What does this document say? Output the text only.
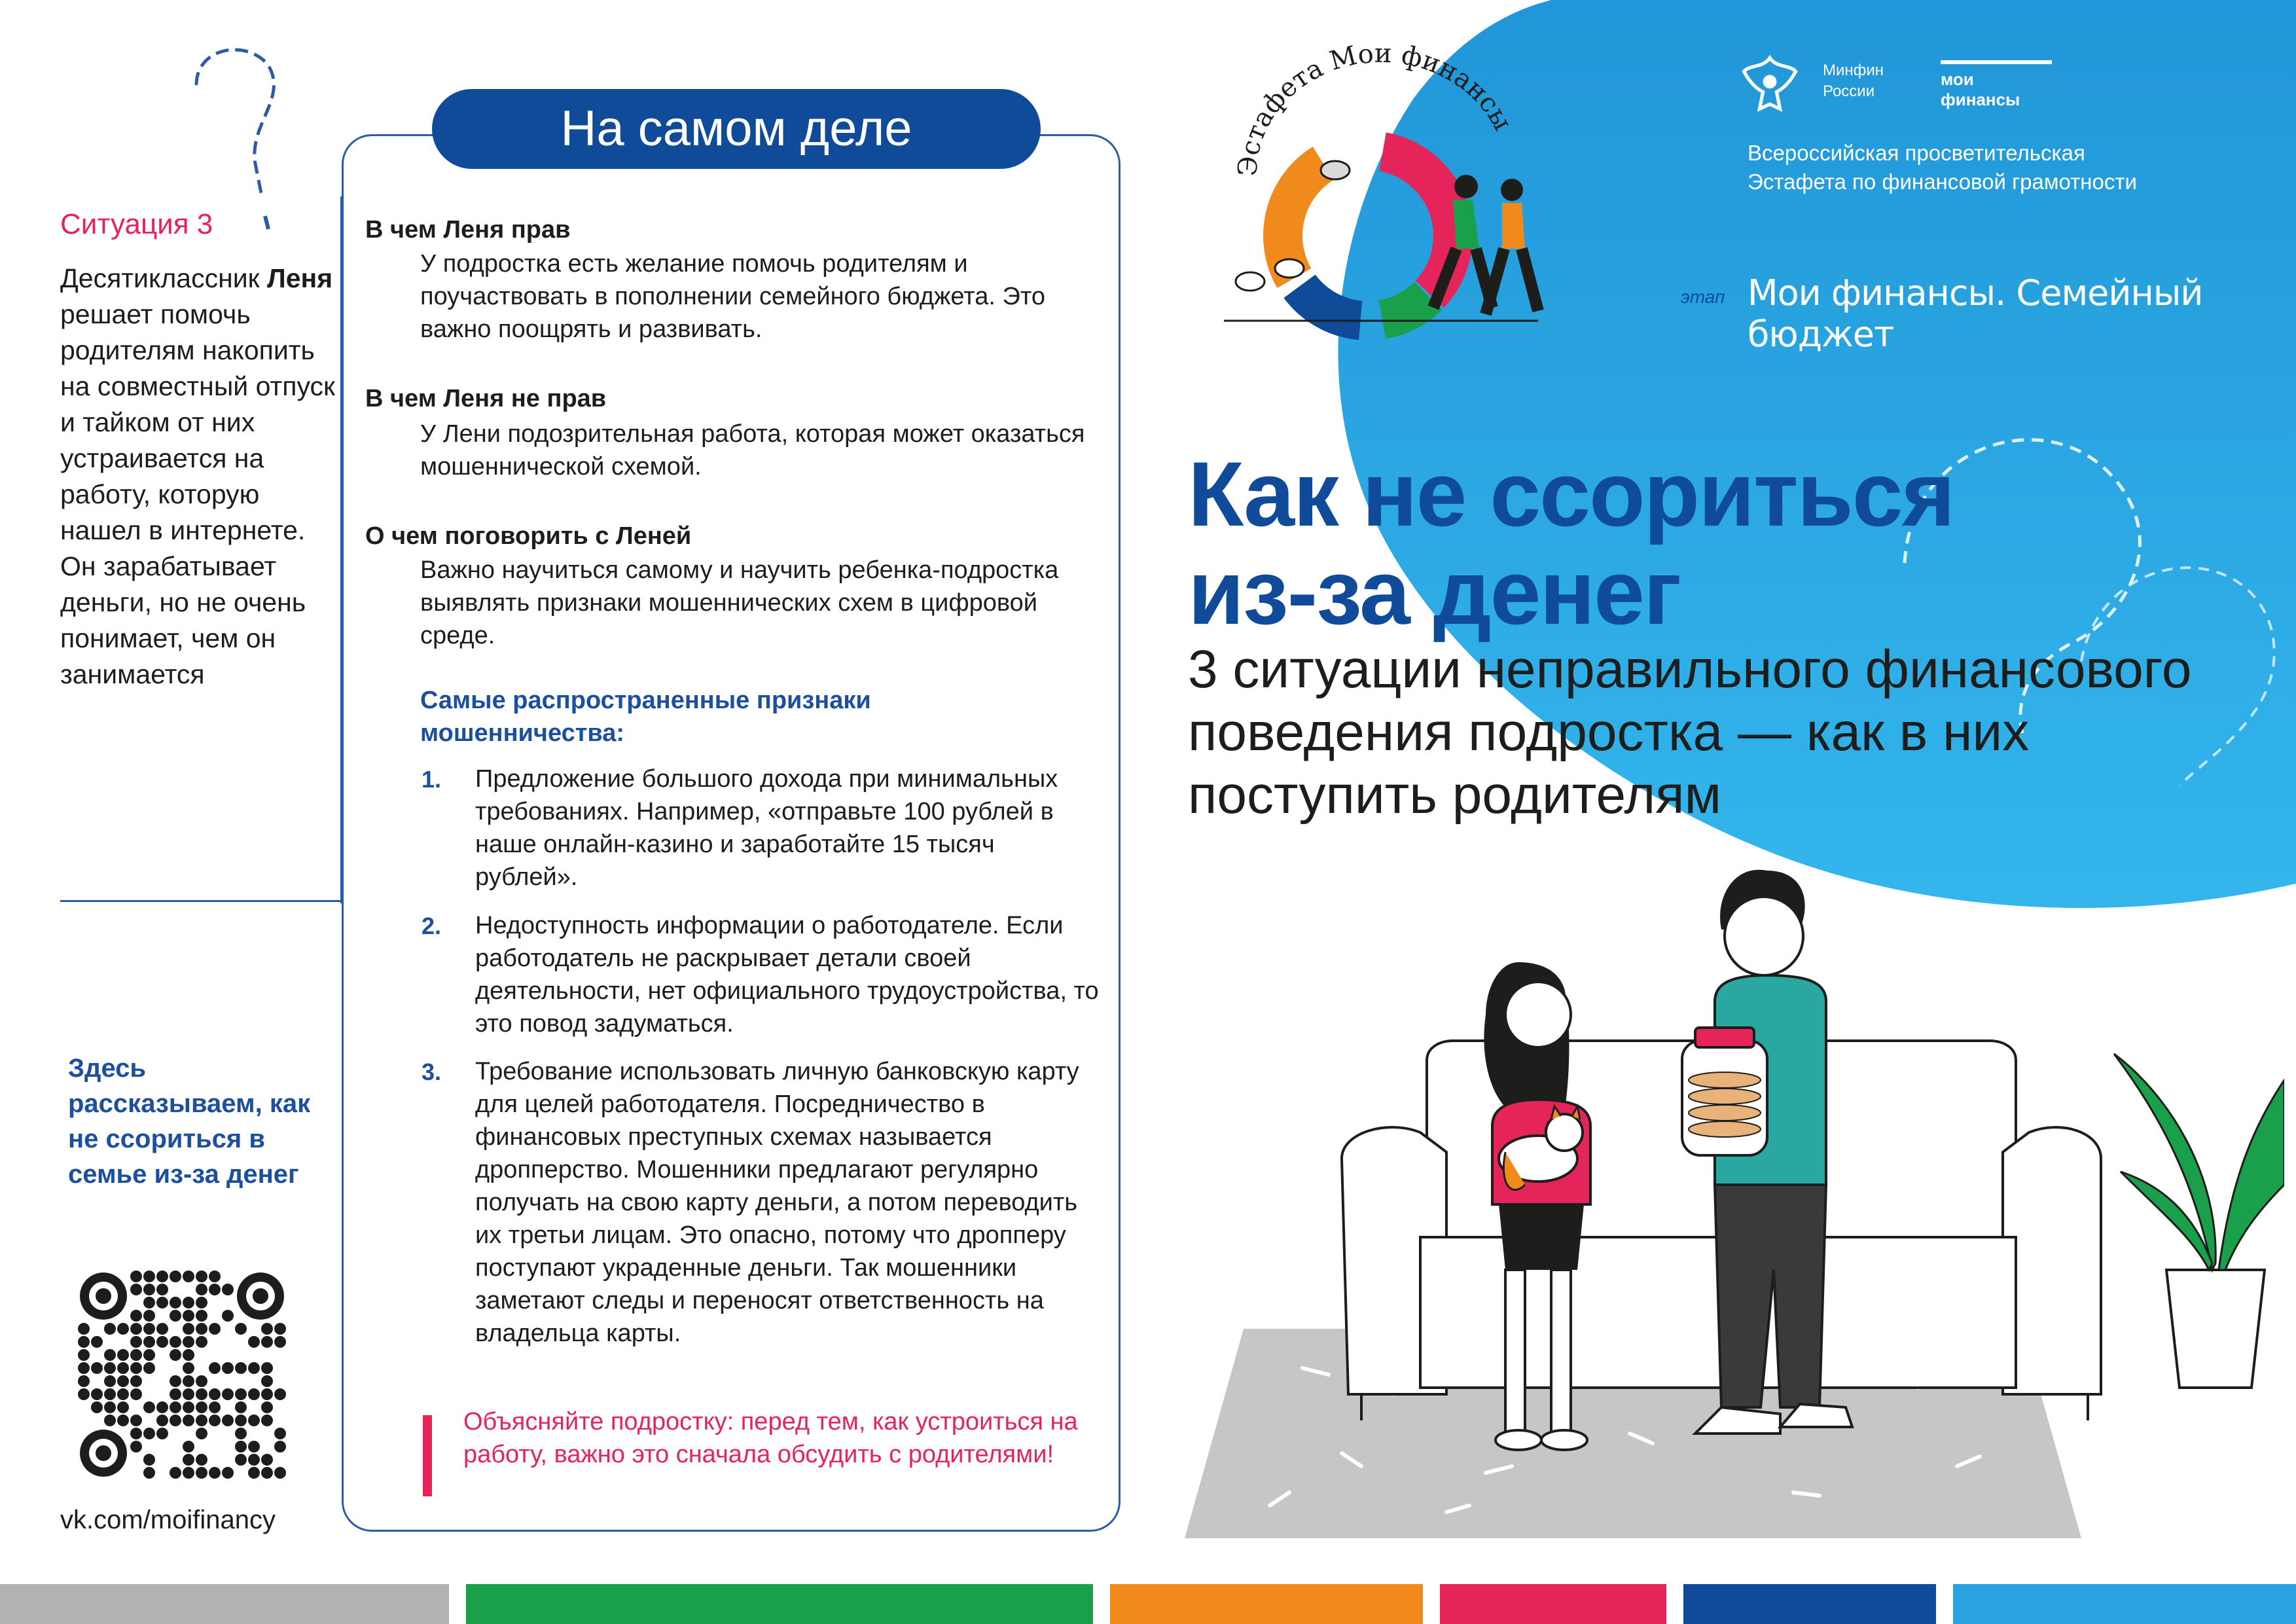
Ситуация 3
Десятиклассник Леня решает помочь родителям накопить на совместный отпуск и тайком от них устраивается на работу, которую нашел в интернете. Он зарабатывает деньги, но не очень понимает, чем он занимается
Здесь рассказываем, как не ссориться в семье из-за денег
vk.com/moifinancy
На самом деле
В чем Леня прав
У подростка есть желание помочь родителям и поучаствовать в пополнении семейного бюджета. Это важно поощрять и развивать.
В чем Леня не прав
У Лени подозрительная работа, которая может оказаться мошеннической схемой.
О чем поговорить с Леней
Важно научиться самому и научить ребенка-подростка выявлять признаки мошеннических схем в цифровой среде.
Самые распространенные признаки мошенничества:
1. Предложение большого дохода при минимальных требованиях. Например, «отправьте 100 рублей в наше онлайн-казино и заработайте 15 тысяч рублей».
2. Недоступность информации о работодателе. Если работодатель не раскрывает детали своей деятельности, нет официального трудоустройства, то это повод задуматься.
3. Требование использовать личную банковскую карту для целей работодателя. Посредничество в финансовых преступных схемах называется дропперство. Мошенники предлагают регулярно получать на свою карту деньги, а потом переводить их третьи лицам. Это опасно, потому что дропперу поступают украденные деньги. Так мошенники заметают следы и переносят ответственность на владельца карты.
Объясняйте подростку: перед тем, как устроиться на работу, важно это сначала обсудить с родителями!
Эстафета Мои финансы
Минфин
России
мои финансы
Всероссийская просветительская
Эстафета по финансовой грамотности
этап Мои финансы. Семейный бюджет
Как не ссориться
из-за денег
3 ситуации неправильного финансового поведения подростка — как в них поступить родителям
